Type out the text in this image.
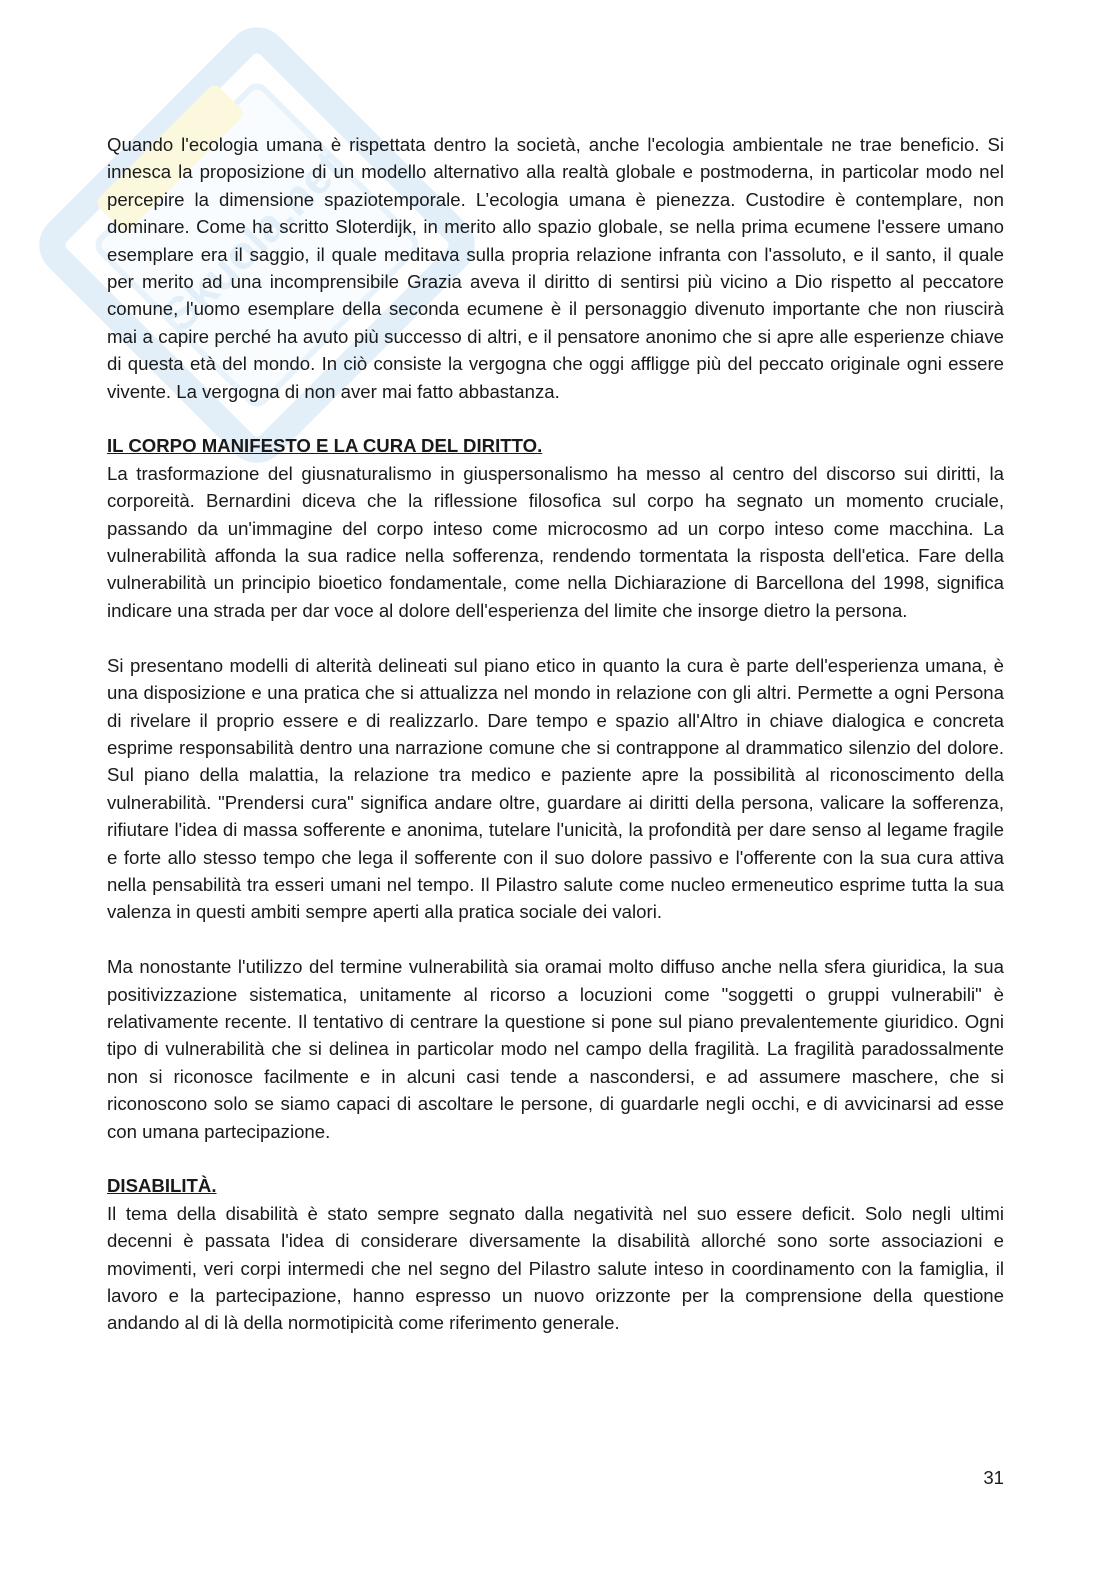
Skuola.net

Quando l'ecologia umana è rispettata dentro la società, anche l'ecologia ambientale ne trae beneficio. Si innesca la proposizione di un modello alternativo alla realtà globale e postmoderna, in particolar modo nel percepire la dimensione spaziotemporale. L’ecologia umana è pienezza. Custodire è contemplare, non dominare. Come ha scritto Sloterdijk, in merito allo spazio globale, se nella prima ecumene l'essere umano esemplare era il saggio, il quale meditava sulla propria relazione infranta con l'assoluto, e il santo, il quale per merito ad una incomprensibile Grazia aveva il diritto di sentirsi più vicino a Dio rispetto al peccatore comune, l'uomo esemplare della seconda ecumene è il personaggio divenuto importante che non riuscirà mai a capire perché ha avuto più successo di altri, e il pensatore anonimo che si apre alle esperienze chiave di questa età del mondo. In ciò consiste la vergogna che oggi affligge più del peccato originale ogni essere vivente. La vergogna di non aver mai fatto abbastanza.

IL CORPO MANIFESTO E LA CURA DEL DIRITTO.

La trasformazione del giusnaturalismo in giuspersonalismo ha messo al centro del discorso sui diritti, la corporeità. Bernardini diceva che la riflessione filosofica sul corpo ha segnato un momento cruciale, passando da un'immagine del corpo inteso come microcosmo ad un corpo inteso come macchina. La vulnerabilità affonda la sua radice nella sofferenza, rendendo tormentata la risposta dell'etica. Fare della vulnerabilità un principio bioetico fondamentale, come nella Dichiarazione di Barcellona del 1998, significa indicare una strada per dar voce al dolore dell'esperienza del limite che insorge dietro la persona.

Si presentano modelli di alterità delineati sul piano etico in quanto la cura è parte dell'esperienza umana, è una disposizione e una pratica che si attualizza nel mondo in relazione con gli altri. Permette a ogni Persona di rivelare il proprio essere e di realizzarlo. Dare tempo e spazio all'Altro in chiave dialogica e concreta esprime responsabilità dentro una narrazione comune che si contrappone al drammatico silenzio del dolore. Sul piano della malattia, la relazione tra medico e paziente apre la possibilità al riconoscimento della vulnerabilità. "Prendersi cura" significa andare oltre, guardare ai diritti della persona, valicare la sofferenza, rifiutare l'idea di massa sofferente e anonima, tutelare l'unicità, la profondità per dare senso al legame fragile e forte allo stesso tempo che lega il sofferente con il suo dolore passivo e l'offerente con la sua cura attiva nella pensabilità tra esseri umani nel tempo. Il Pilastro salute come nucleo ermeneutico esprime tutta la sua valenza in questi ambiti sempre aperti alla pratica sociale dei valori.

Ma nonostante l'utilizzo del termine vulnerabilità sia oramai molto diffuso anche nella sfera giuridica, la sua positivizzazione sistematica, unitamente al ricorso a locuzioni come "soggetti o gruppi vulnerabili" è relativamente recente. Il tentativo di centrare la questione si pone sul piano prevalentemente giuridico. Ogni tipo di vulnerabilità che si delinea in particolar modo nel campo della fragilità. La fragilità paradossalmente non si riconosce facilmente e in alcuni casi tende a nascondersi, e ad assumere maschere, che si riconoscono solo se siamo capaci di ascoltare le persone, di guardarle negli occhi, e di avvicinarsi ad esse con umana partecipazione.

DISABILITÀ.

Il tema della disabilità è stato sempre segnato dalla negatività nel suo essere deficit. Solo negli ultimi decenni è passata l'idea di considerare diversamente la disabilità allorché sono sorte associazioni e movimenti, veri corpi intermedi che nel segno del Pilastro salute inteso in coordinamento con la famiglia, il lavoro e la partecipazione, hanno espresso un nuovo orizzonte per la comprensione della questione andando al di là della normotipicità come riferimento generale.

31
